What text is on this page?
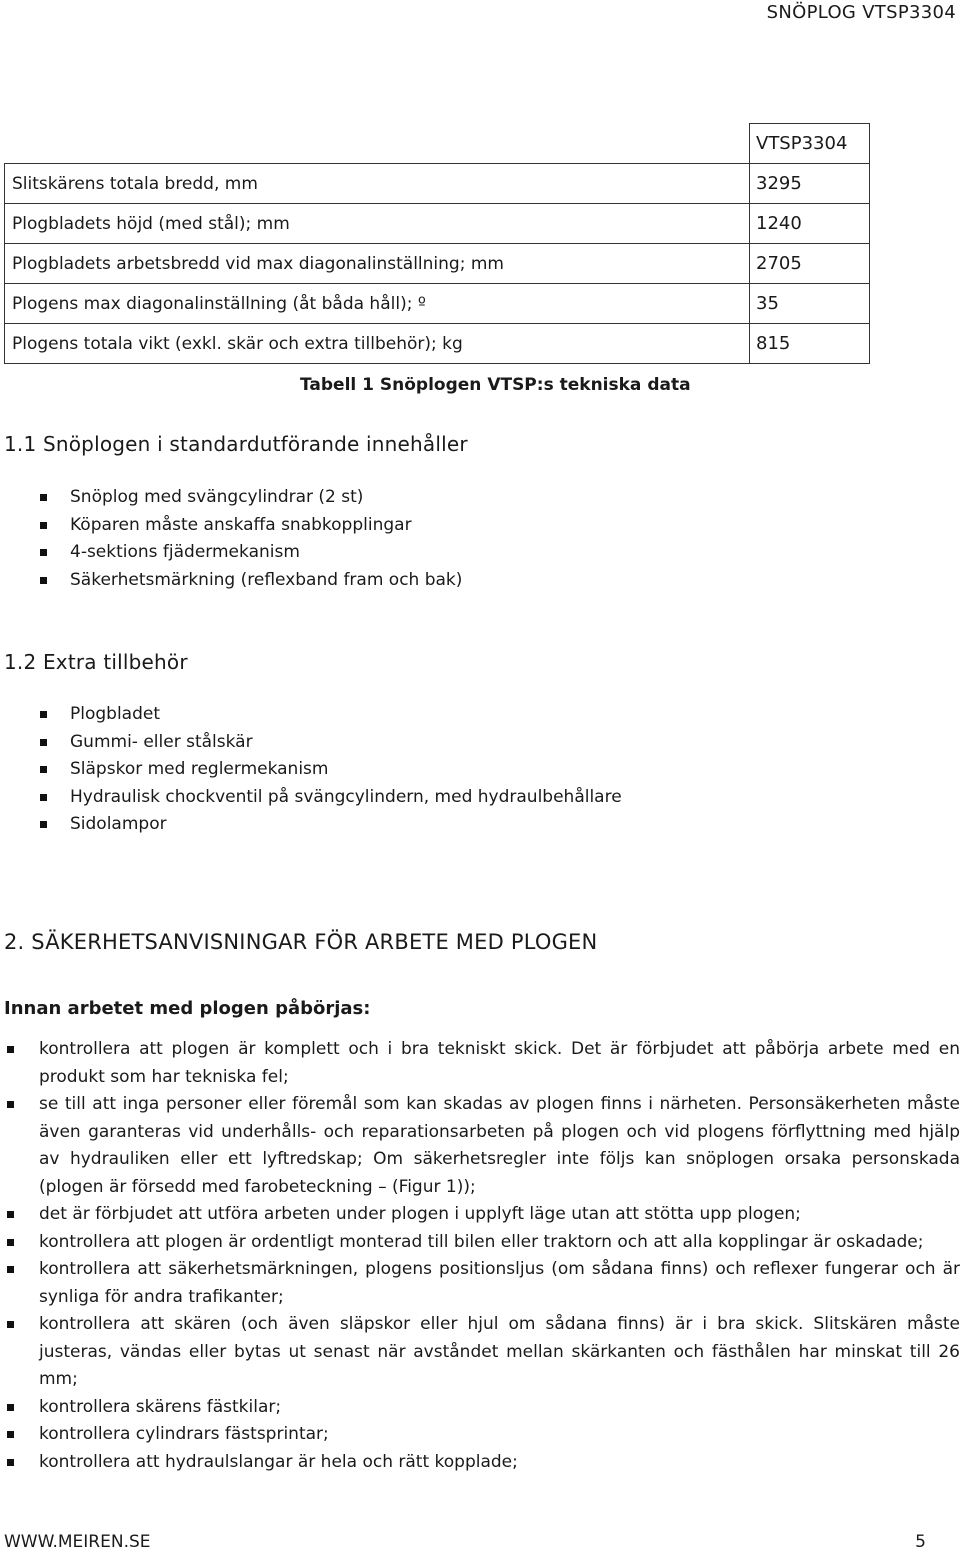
SNÖPLOG VTSP3304
	VTSP3304
Slitskärens totala bredd, mm	3295
Plogbladets höjd (med stål); mm	1240
Plogbladets arbetsbredd vid max diagonalinställning; mm	2705
Plogens max diagonalinställning (åt båda håll); º	35
Plogens totala vikt (exkl. skär och extra tillbehör); kg	815
Tabell 1 Snöplogen VTSP:s tekniska data
1.1 Snöplogen i standardutförande innehåller
Snöplog med svängcylindrar (2 st)
Köparen måste anskaffa snabkopplingar
4-sektions fjädermekanism
Säkerhetsmärkning (reflexband fram och bak)
1.2 Extra tillbehör
Plogbladet
Gummi- eller stålskär
Släpskor med reglermekanism
Hydraulisk chockventil på svängcylindern, med hydraulbehållare
Sidolampor
2. SÄKERHETSANVISNINGAR FÖR ARBETE MED PLOGEN
Innan arbetet med plogen påbörjas:
kontrollera att plogen är komplett och i bra tekniskt skick. Det är förbjudet att påbörja arbete med en produkt som har tekniska fel;
se till att inga personer eller föremål som kan skadas av plogen finns i närheten. Personsäkerheten måste även garanteras vid underhålls- och reparationsarbeten på plogen och vid plogens förflyttning med hjälp av hydrauliken eller ett lyftredskap; Om säkerhetsregler inte följs kan snöplogen orsaka personskada (plogen är försedd med farobeteckning – (Figur 1));
det är förbjudet att utföra arbeten under plogen i upplyft läge utan att stötta upp plogen;
kontrollera att plogen är ordentligt monterad till bilen eller traktorn och att alla kopplingar är oskadade;
kontrollera att säkerhetsmärkningen, plogens positionsljus (om sådana finns) och reflexer fungerar och är synliga för andra trafikanter;
kontrollera att skären (och även släpskor eller hjul om sådana finns) är i bra skick. Slitskären måste justeras, vändas eller bytas ut senast när avståndet mellan skärkanten och fästhålen har minskat till 26 mm;
kontrollera skärens fästkilar;
kontrollera cylindrars fästsprintar;
kontrollera att hydraulslangar är hela och rätt kopplade;
WWW.MEIREN.SE	5
